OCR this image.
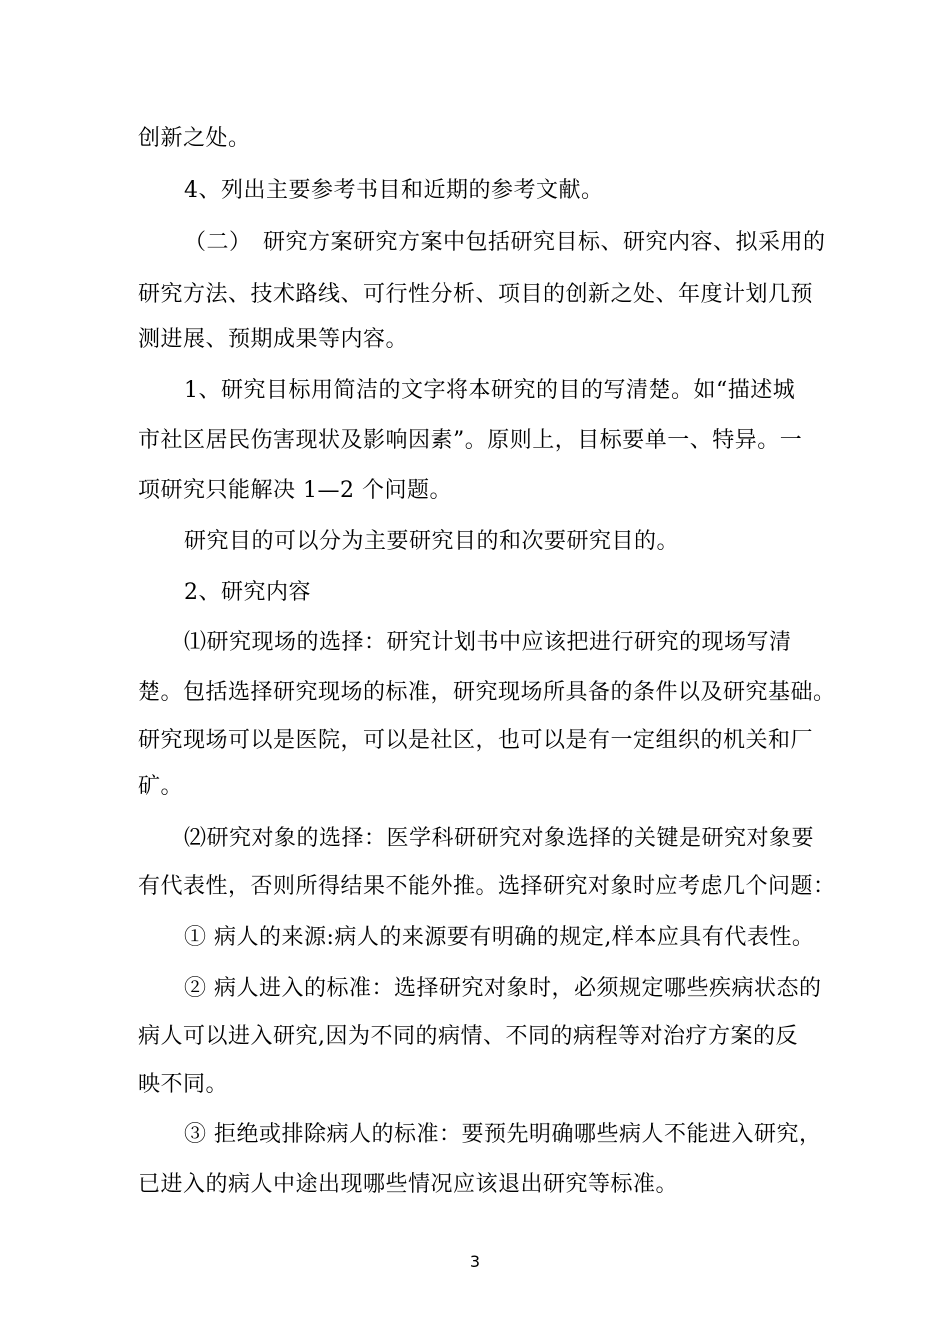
创新之处。
4、列出主要参考书目和近期的参考文献。
（二）　研究方案研究方案中包括研究目标、研究内容、拟采用的
研究方法、技术路线、可行性分析、项目的创新之处、年度计划几预
测进展、预期成果等内容。
1、研究目标用简洁的文字将本研究的目的写清楚。如“描述城
市社区居民伤害现状及影响因素”。原则上，目标要单一、特异。一
项研究只能解决 1—2 个问题。
研究目的可以分为主要研究目的和次要研究目的。
2、研究内容
⑴研究现场的选择：研究计划书中应该把进行研究的现场写清
楚。包括选择研究现场的标准，研究现场所具备的条件以及研究基础。
研究现场可以是医院，可以是社区，也可以是有一定组织的机关和厂
矿。
⑵研究对象的选择：医学科研研究对象选择的关键是研究对象要
有代表性，否则所得结果不能外推。选择研究对象时应考虑几个问题：
① 病人的来源:病人的来源要有明确的规定,样本应具有代表性。
② 病人进入的标准：选择研究对象时，必须规定哪些疾病状态的
病人可以进入研究,因为不同的病情、不同的病程等对治疗方案的反
映不同。
③ 拒绝或排除病人的标准：要预先明确哪些病人不能进入研究，
已进入的病人中途出现哪些情况应该退出研究等标准。
3
